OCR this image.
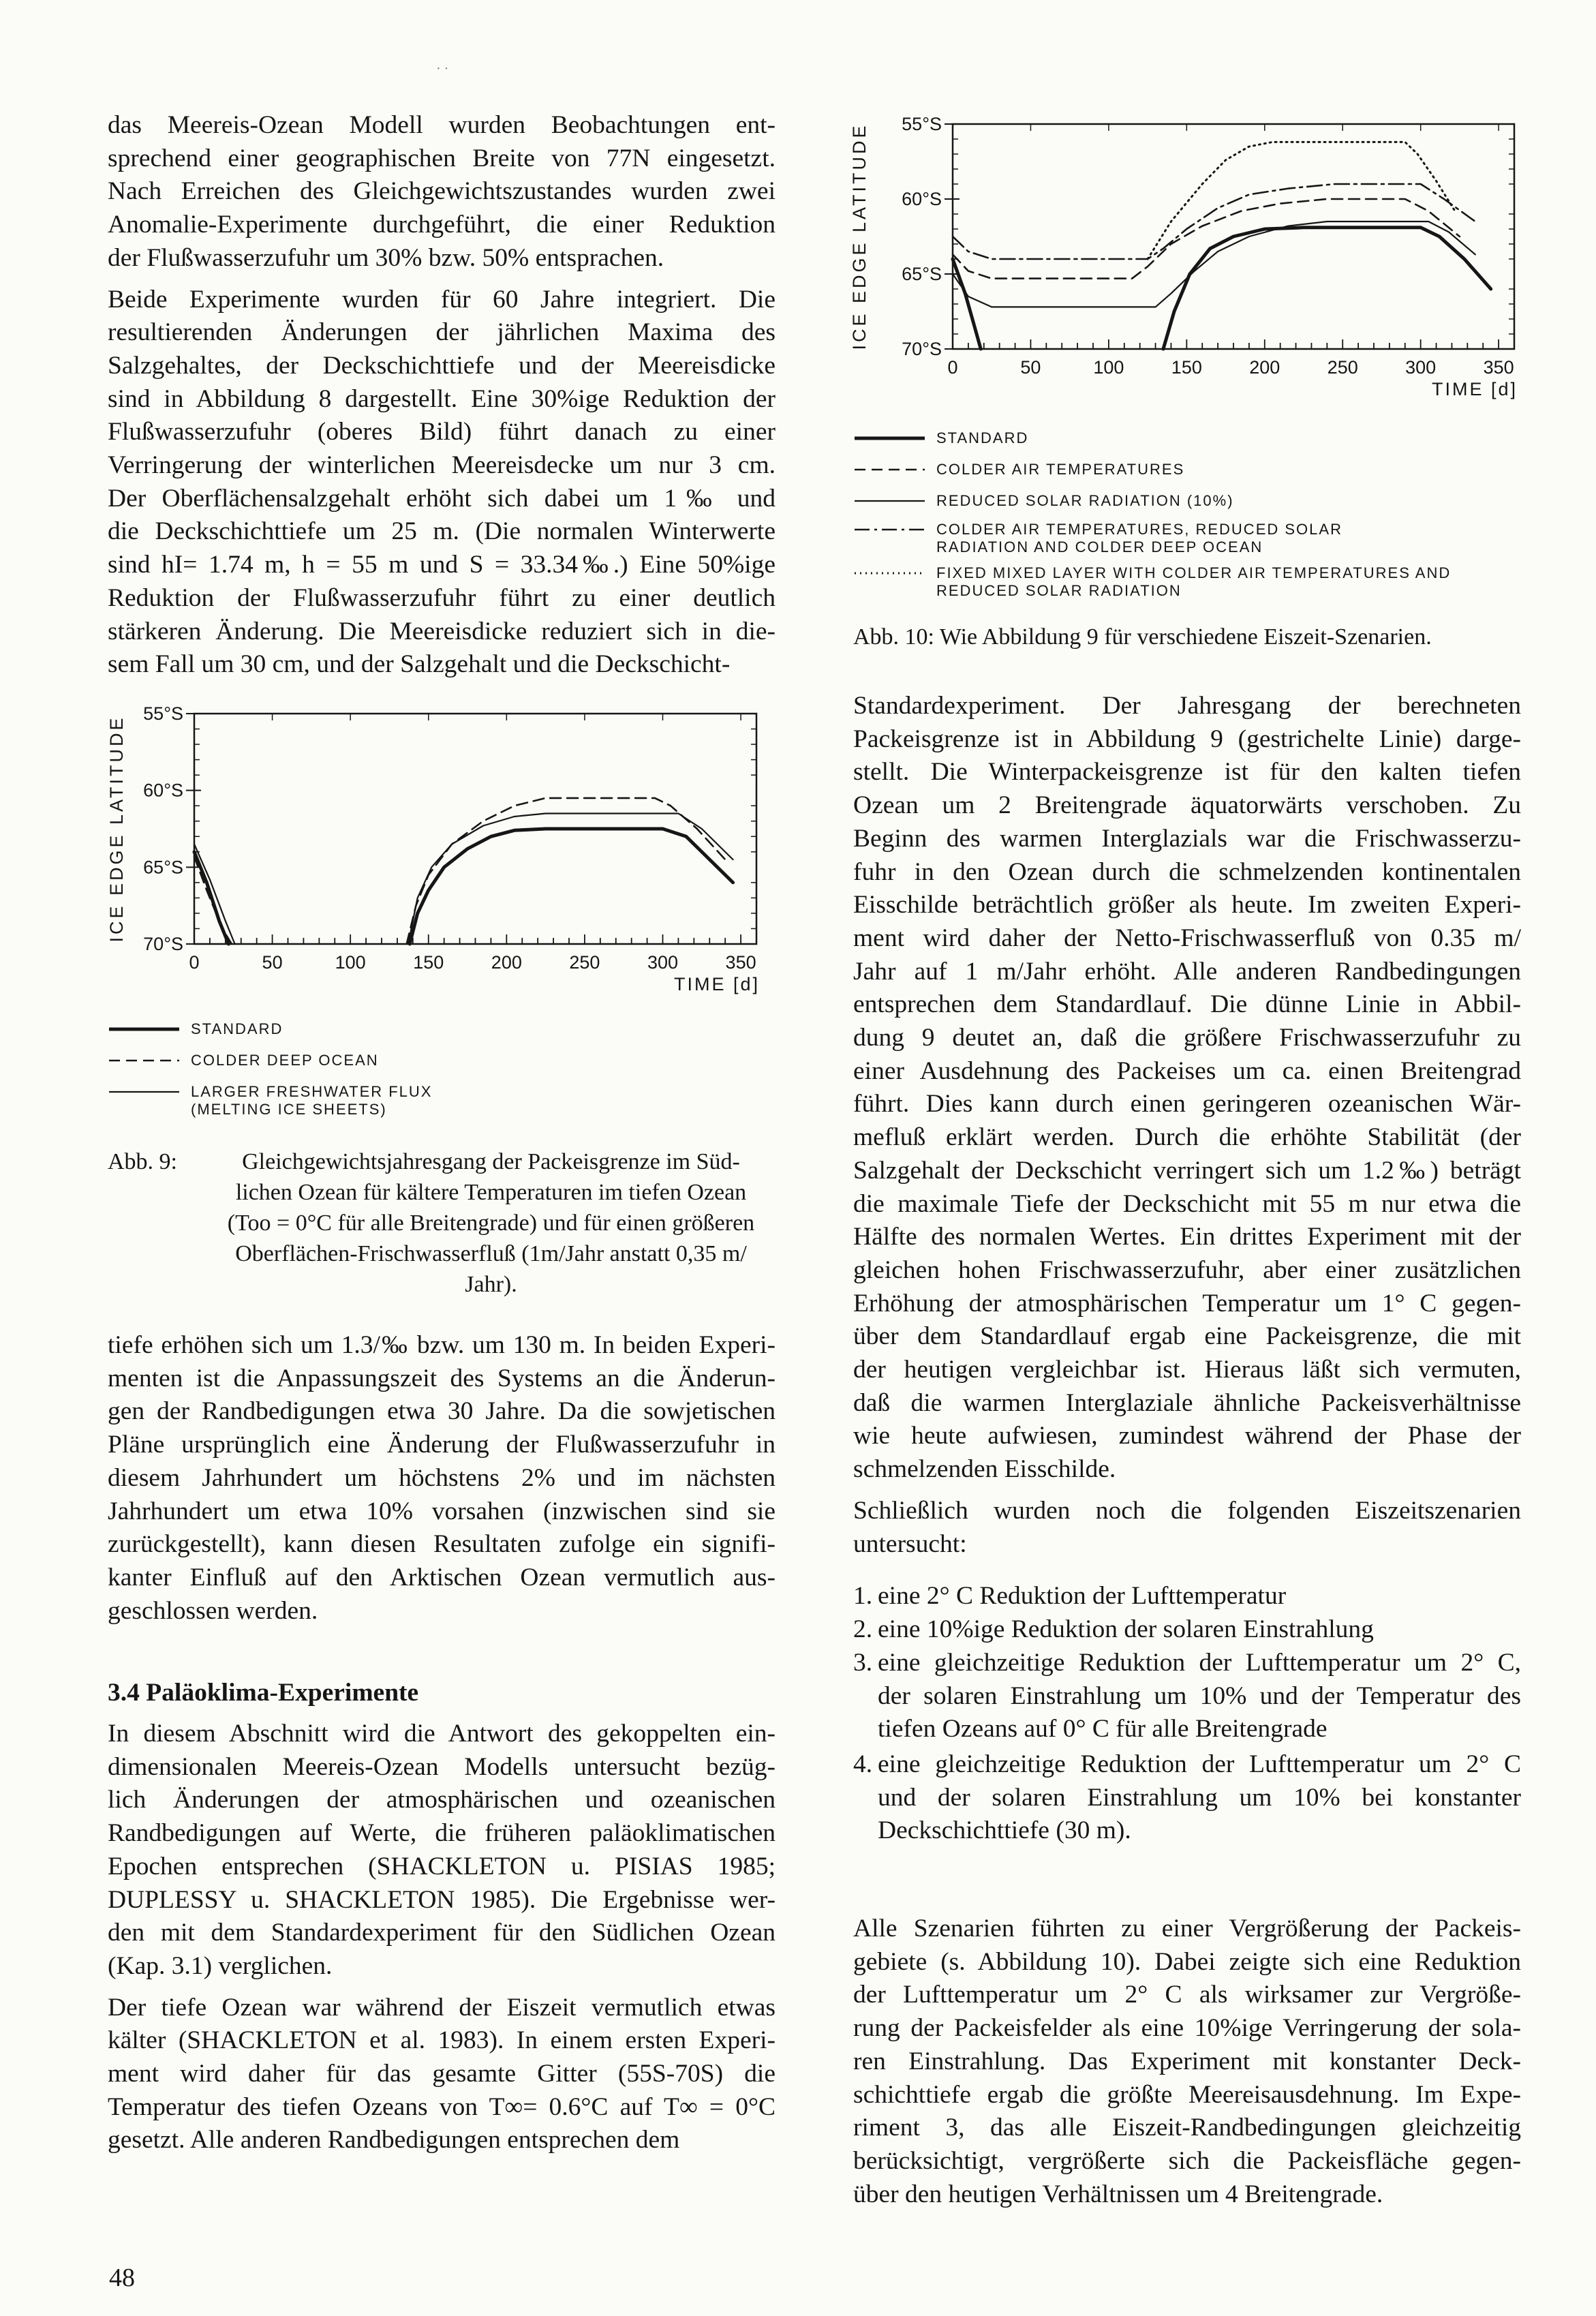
· ·
das Meereis-Ozean Modell wurden Beobachtungen ent-
sprechend einer geographischen Breite von 77N eingesetzt.
Nach Erreichen des Gleichgewichtszustandes wurden zwei
Anomalie-Experimente durchgeführt, die einer Reduktion
der Flußwasserzufuhr um 30% bzw. 50% entsprachen.
Beide Experimente wurden für 60 Jahre integriert. Die
resultierenden Änderungen der jährlichen Maxima des
Salzgehaltes, der Deckschichttiefe und der Meereisdicke
sind in Abbildung 8 dargestellt. Eine 30%ige Reduktion der
Flußwasserzufuhr (oberes Bild) führt danach zu einer
Verringerung der winterlichen Meereisdecke um nur 3 cm.
Der Oberflächensalzgehalt erhöht sich dabei um 1‰ und
die Deckschichttiefe um 25 m. (Die normalen Winterwerte
sind hI= 1.74 m, h = 55 m und S = 33.34‰.) Eine 50%ige
Reduktion der Flußwasserzufuhr führt zu einer deutlich
stärkeren Änderung. Die Meereisdicke reduziert sich in die-
sem Fall um 30 cm, und der Salzgehalt und die Deckschicht-
55°S
60°S
65°S
70°S
0	50	100	150	200	250	300	350
TIME [d]
ICE EDGE LATITUDE
STANDARD
COLDER DEEP OCEAN
LARGER FRESHWATER FLUX (MELTING ICE SHEETS)
Abb. 9:	Gleichgewichtsjahresgang der Packeisgrenze im Süd-
lichen Ozean für kältere Temperaturen im tiefen Ozean
(Too = 0°C für alle Breitengrade) und für einen größeren
Oberflächen-Frischwasserfluß (1m/Jahr anstatt 0,35 m/
Jahr).
tiefe erhöhen sich um 1.3/‰ bzw. um 130 m. In beiden Experi-
menten ist die Anpassungszeit des Systems an die Änderun-
gen der Randbedigungen etwa 30 Jahre. Da die sowjetischen
Pläne ursprünglich eine Änderung der Flußwasserzufuhr in
diesem Jahrhundert um höchstens 2% und im nächsten
Jahrhundert um etwa 10% vorsahen (inzwischen sind sie
zurückgestellt), kann diesen Resultaten zufolge ein signifi-
kanter Einfluß auf den Arktischen Ozean vermutlich aus-
geschlossen werden.
3.4 Paläoklima-Experimente
In diesem Abschnitt wird die Antwort des gekoppelten ein-
dimensionalen Meereis-Ozean Modells untersucht bezüg-
lich Änderungen der atmosphärischen und ozeanischen
Randbedigungen auf Werte, die früheren paläoklimatischen
Epochen entsprechen (SHACKLETON u. PISIAS 1985;
DUPLESSY u. SHACKLETON 1985). Die Ergebnisse wer-
den mit dem Standardexperiment für den Südlichen Ozean
(Kap. 3.1) verglichen.
Der tiefe Ozean war während der Eiszeit vermutlich etwas
kälter (SHACKLETON et al. 1983). In einem ersten Experi-
ment wird daher für das gesamte Gitter (55S-70S) die
Temperatur des tiefen Ozeans von T∞= 0.6°C auf T∞ = 0°C
gesetzt. Alle anderen Randbedigungen entsprechen dem
55°S
60°S
65°S
70°S
0	50	100	150	200	250	300	350
TIME [d]
ICE EDGE LATITUDE
STANDARD
COLDER AIR TEMPERATURES
REDUCED SOLAR RADIATION (10%)
COLDER AIR TEMPERATURES, REDUCED SOLAR RADIATION AND COLDER DEEP OCEAN
FIXED MIXED LAYER WITH COLDER AIR TEMPERATURES AND REDUCED SOLAR RADIATION
Abb. 10: Wie Abbildung 9 für verschiedene Eiszeit-Szenarien.
Standardexperiment. Der Jahresgang der berechneten
Packeisgrenze ist in Abbildung 9 (gestrichelte Linie) darge-
stellt. Die Winterpackeisgrenze ist für den kalten tiefen
Ozean um 2 Breitengrade äquatorwärts verschoben. Zu
Beginn des warmen Interglazials war die Frischwasserzu-
fuhr in den Ozean durch die schmelzenden kontinentalen
Eisschilde beträchtlich größer als heute. Im zweiten Experi-
ment wird daher der Netto-Frischwasserfluß von 0.35 m/
Jahr auf 1 m/Jahr erhöht. Alle anderen Randbedingungen
entsprechen dem Standardlauf. Die dünne Linie in Abbil-
dung 9 deutet an, daß die größere Frischwasserzufuhr zu
einer Ausdehnung des Packeises um ca. einen Breitengrad
führt. Dies kann durch einen geringeren ozeanischen Wär-
mefluß erklärt werden. Durch die erhöhte Stabilität (der
Salzgehalt der Deckschicht verringert sich um 1.2‰) beträgt
die maximale Tiefe der Deckschicht mit 55 m nur etwa die
Hälfte des normalen Wertes. Ein drittes Experiment mit der
gleichen hohen Frischwasserzufuhr, aber einer zusätzlichen
Erhöhung der atmosphärischen Temperatur um 1° C gegen-
über dem Standardlauf ergab eine Packeisgrenze, die mit
der heutigen vergleichbar ist. Hieraus läßt sich vermuten,
daß die warmen Interglaziale ähnliche Packeisverhältnisse
wie heute aufwiesen, zumindest während der Phase der
schmelzenden Eisschilde.
Schließlich wurden noch die folgenden Eiszeitszenarien
untersucht:
1. eine 2° C Reduktion der Lufttemperatur
2. eine 10%ige Reduktion der solaren Einstrahlung
3. eine gleichzeitige Reduktion der Lufttemperatur um 2° C,
der solaren Einstrahlung um 10% und der Temperatur des
tiefen Ozeans auf 0° C für alle Breitengrade
4. eine gleichzeitige Reduktion der Lufttemperatur um 2° C
und der solaren Einstrahlung um 10% bei konstanter
Deckschichttiefe (30 m).
Alle Szenarien führten zu einer Vergrößerung der Packeis-
gebiete (s. Abbildung 10). Dabei zeigte sich eine Reduktion
der Lufttemperatur um 2° C als wirksamer zur Vergröße-
rung der Packeisfelder als eine 10%ige Verringerung der sola-
ren Einstrahlung. Das Experiment mit konstanter Deck-
schichttiefe ergab die größte Meereisausdehnung. Im Expe-
riment 3, das alle Eiszeit-Randbedingungen gleichzeitig
berücksichtigt, vergrößerte sich die Packeisfläche gegen-
über den heutigen Verhältnissen um 4 Breitengrade.
48
